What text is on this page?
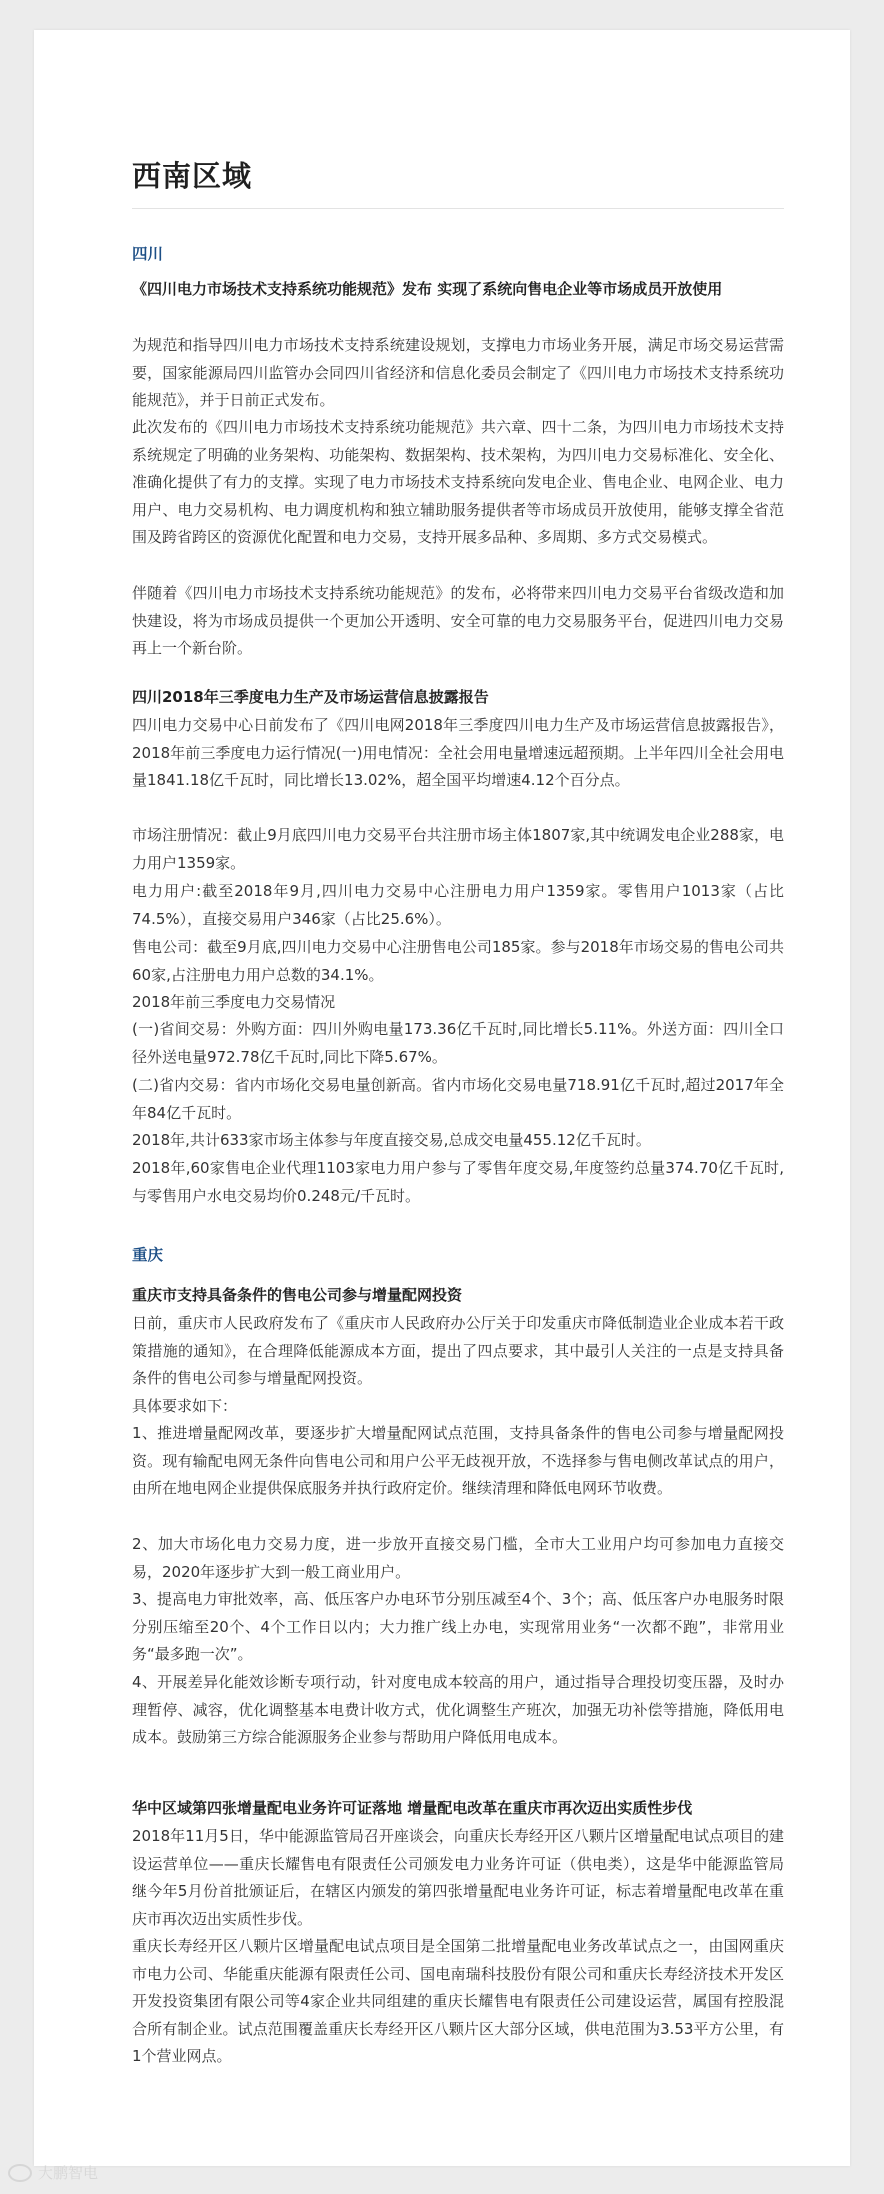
西南区域
四川
《四川电力市场技术支持系统功能规范》发布 实现了系统向售电企业等市场成员开放使用

为规范和指导四川电力市场技术支持系统建设规划，支撑电力市场业务开展，满足市场交易运营需要，国家能源局四川监管办会同四川省经济和信息化委员会制定了《四川电力市场技术支持系统功能规范》，并于日前正式发布。

此次发布的《四川电力市场技术支持系统功能规范》共六章、四十二条，为四川电力市场技术支持系统规定了明确的业务架构、功能架构、数据架构、技术架构，为四川电力交易标准化、安全化、准确化提供了有力的支撑。实现了电力市场技术支持系统向发电企业、售电企业、电网企业、电力用户、电力交易机构、电力调度机构和独立辅助服务提供者等市场成员开放使用，能够支撑全省范围及跨省跨区的资源优化配置和电力交易，支持开展多品种、多周期、多方式交易模式。

伴随着《四川电力市场技术支持系统功能规范》的发布，必将带来四川电力交易平台省级改造和加快建设，将为市场成员提供一个更加公开透明、安全可靠的电力交易服务平台，促进四川电力交易再上一个新台阶。

四川2018年三季度电力生产及市场运营信息披露报告

四川电力交易中心日前发布了《四川电网2018年三季度四川电力生产及市场运营信息披露报告》，2018年前三季度电力运行情况(一)用电情况：全社会用电量增速远超预期。上半年四川全社会用电量1841.18亿千瓦时，同比增长13.02%，超全国平均增速4.12个百分点。

市场注册情况：截止9月底四川电力交易平台共注册市场主体1807家,其中统调发电企业288家，电力用户1359家。

电力用户:截至2018年9月,四川电力交易中心注册电力用户1359家。零售用户1013家（占比74.5%），直接交易用户346家（占比25.6%）。

售电公司：截至9月底,四川电力交易中心注册售电公司185家。参与2018年市场交易的售电公司共60家,占注册电力用户总数的34.1%。

2018年前三季度电力交易情况

(一)省间交易：外购方面：四川外购电量173.36亿千瓦时,同比增长5.11%。外送方面：四川全口径外送电量972.78亿千瓦时,同比下降5.67%。

(二)省内交易：省内市场化交易电量创新高。省内市场化交易电量718.91亿千瓦时,超过2017年全年84亿千瓦时。

2018年,共计633家市场主体参与年度直接交易,总成交电量455.12亿千瓦时。

2018年,60家售电企业代理1103家电力用户参与了零售年度交易,年度签约总量374.70亿千瓦时,与零售用户水电交易均价0.248元/千瓦时。

重庆
重庆市支持具备条件的售电公司参与增量配网投资

日前，重庆市人民政府发布了《重庆市人民政府办公厅关于印发重庆市降低制造业企业成本若干政策措施的通知》，在合理降低能源成本方面，提出了四点要求，其中最引人关注的一点是支持具备条件的售电公司参与增量配网投资。

具体要求如下：

1、推进增量配网改革，要逐步扩大增量配网试点范围，支持具备条件的售电公司参与增量配网投资。现有输配电网无条件向售电公司和用户公平无歧视开放，不选择参与售电侧改革试点的用户，由所在地电网企业提供保底服务并执行政府定价。继续清理和降低电网环节收费。

2、加大市场化电力交易力度，进一步放开直接交易门槛，全市大工业用户均可参加电力直接交易，2020年逐步扩大到一般工商业用户。

3、提高电力审批效率，高、低压客户办电环节分别压减至4个、3个；高、低压客户办电服务时限分别压缩至20个、4个工作日以内；大力推广线上办电，实现常用业务“一次都不跑”，非常用业务“最多跑一次”。

4、开展差异化能效诊断专项行动，针对度电成本较高的用户，通过指导合理投切变压器，及时办理暂停、减容，优化调整基本电费计收方式，优化调整生产班次，加强无功补偿等措施，降低用电成本。鼓励第三方综合能源服务企业参与帮助用户降低用电成本。

华中区域第四张增量配电业务许可证落地 增量配电改革在重庆市再次迈出实质性步伐

2018年11月5日，华中能源监管局召开座谈会，向重庆长寿经开区八颗片区增量配电试点项目的建设运营单位——重庆长耀售电有限责任公司颁发电力业务许可证（供电类），这是华中能源监管局继今年5月份首批颁证后，在辖区内颁发的第四张增量配电业务许可证，标志着增量配电改革在重庆市再次迈出实质性步伐。

重庆长寿经开区八颗片区增量配电试点项目是全国第二批增量配电业务改革试点之一，由国网重庆市电力公司、华能重庆能源有限责任公司、国电南瑞科技股份有限公司和重庆长寿经济技术开发区开发投资集团有限公司等4家企业共同组建的重庆长耀售电有限责任公司建设运营，属国有控股混合所有制企业。试点范围覆盖重庆长寿经开区八颗片区大部分区域，供电范围为3.53平方公里，有1个营业网点。

大鹏智电
